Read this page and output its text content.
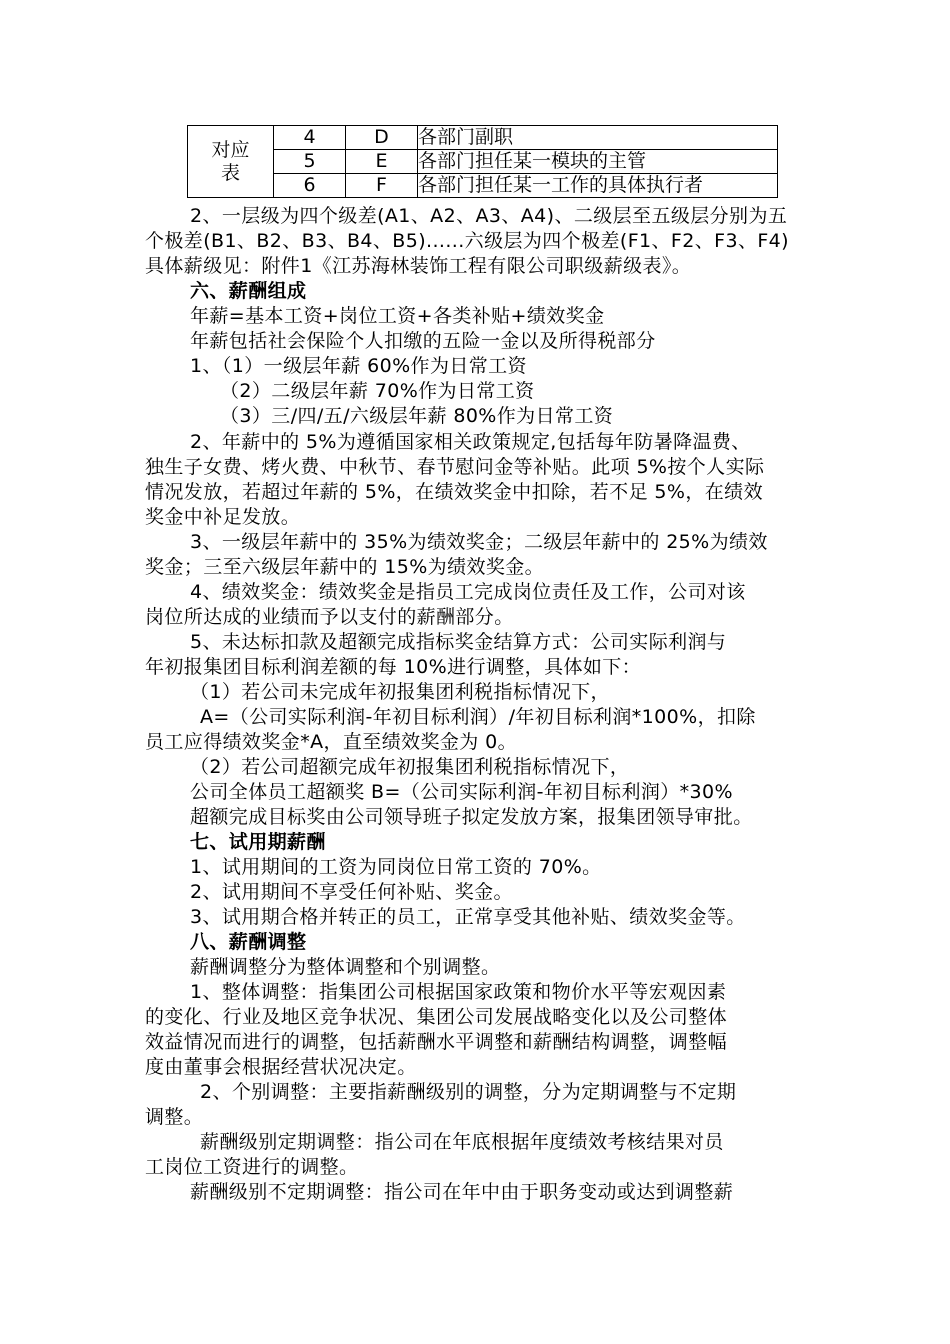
对应
表	4	D	各部门副职
	5	E	各部门担任某一模块的主管
	6	F	各部门担任某一工作的具体执行者
2、一层级为四个级差(A1、A2、A3、A4)、二级层至五级层分别为五
个极差(B1、B2、B3、B4、B5)......六级层为四个极差(F1、F2、F3、F4)
具体薪级见：附件1《江苏海林装饰工程有限公司职级薪级表》。
六、薪酬组成
年薪=基本工资+岗位工资+各类补贴+绩效奖金
年薪包括社会保险个人扣缴的五险一金以及所得税部分
1、（1）一级层年薪 60%作为日常工资
（2）二级层年薪 70%作为日常工资
（3）三/四/五/六级层年薪 80%作为日常工资
2、年薪中的 5%为遵循国家相关政策规定,包括每年防暑降温费、
独生子女费、烤火费、中秋节、春节慰问金等补贴。此项 5%按个人实际
情况发放，若超过年薪的 5%，在绩效奖金中扣除，若不足 5%，在绩效
奖金中补足发放。
3、一级层年薪中的 35%为绩效奖金；二级层年薪中的 25%为绩效
奖金；三至六级层年薪中的 15%为绩效奖金。
4、绩效奖金：绩效奖金是指员工完成岗位责任及工作，公司对该
岗位所达成的业绩而予以支付的薪酬部分。
5、未达标扣款及超额完成指标奖金结算方式：公司实际利润与
年初报集团目标利润差额的每 10%进行调整，具体如下：
（1）若公司未完成年初报集团利税指标情况下，
A=（公司实际利润-年初目标利润）/年初目标利润*100%，扣除
员工应得绩效奖金*A，直至绩效奖金为 0。
（2）若公司超额完成年初报集团利税指标情况下，
公司全体员工超额奖 B=（公司实际利润-年初目标利润）*30%
超额完成目标奖由公司领导班子拟定发放方案，报集团领导审批。
七、试用期薪酬
1、试用期间的工资为同岗位日常工资的 70%。
2、试用期间不享受任何补贴、奖金。
3、试用期合格并转正的员工，正常享受其他补贴、绩效奖金等。
八、薪酬调整
薪酬调整分为整体调整和个别调整。
1、整体调整：指集团公司根据国家政策和物价水平等宏观因素
的变化、行业及地区竞争状况、集团公司发展战略变化以及公司整体
效益情况而进行的调整，包括薪酬水平调整和薪酬结构调整，调整幅
度由董事会根据经营状况决定。
2、个别调整：主要指薪酬级别的调整，分为定期调整与不定期
调整。
薪酬级别定期调整：指公司在年底根据年度绩效考核结果对员
工岗位工资进行的调整。
薪酬级别不定期调整：指公司在年中由于职务变动或达到调整薪
